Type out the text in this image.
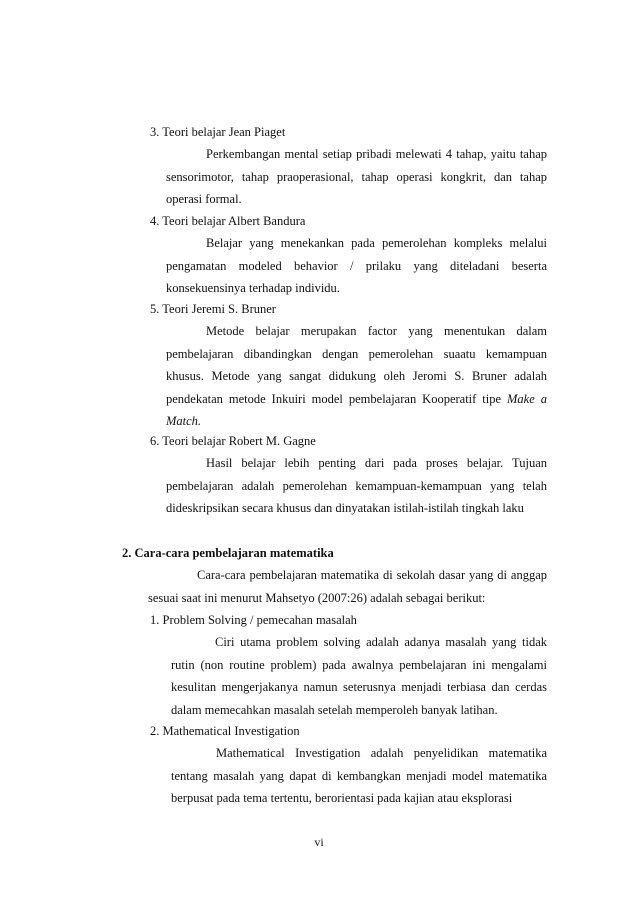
3. Teori belajar Jean Piaget
Perkembangan mental setiap pribadi melewati 4 tahap, yaitu tahap sensorimotor, tahap praoperasional, tahap operasi kongkrit, dan tahap operasi formal.
4. Teori belajar Albert Bandura
Belajar yang menekankan pada pemerolehan kompleks melalui pengamatan modeled behavior / prilaku yang diteladani beserta konsekuensinya terhadap individu.
5. Teori Jeremi S. Bruner
Metode belajar merupakan factor yang menentukan dalam pembelajaran dibandingkan dengan pemerolehan suaatu kemampuan khusus. Metode yang sangat didukung oleh Jeromi S. Bruner adalah pendekatan metode Inkuiri model pembelajaran Kooperatif tipe Make a Match.
6. Teori belajar Robert M. Gagne
Hasil belajar lebih penting dari pada proses belajar. Tujuan pembelajaran adalah pemerolehan kemampuan-kemampuan yang telah dideskripsikan secara khusus dan dinyatakan istilah-istilah tingkah laku
2. Cara-cara pembelajaran matematika
Cara-cara pembelajaran matematika di sekolah dasar yang di anggap sesuai saat ini menurut Mahsetyo (2007:26) adalah sebagai berikut:
1. Problem Solving / pemecahan masalah
Ciri utama problem solving adalah adanya masalah yang tidak rutin (non routine problem) pada awalnya pembelajaran ini mengalami kesulitan mengerjakanya namun seterusnya menjadi terbiasa dan cerdas dalam memecahkan masalah setelah memperoleh banyak latihan.
2. Mathematical Investigation
Mathematical Investigation adalah penyelidikan matematika tentang masalah yang dapat di kembangkan menjadi model matematika berpusat pada tema tertentu, berorientasi pada kajian atau eksplorasi
vi
